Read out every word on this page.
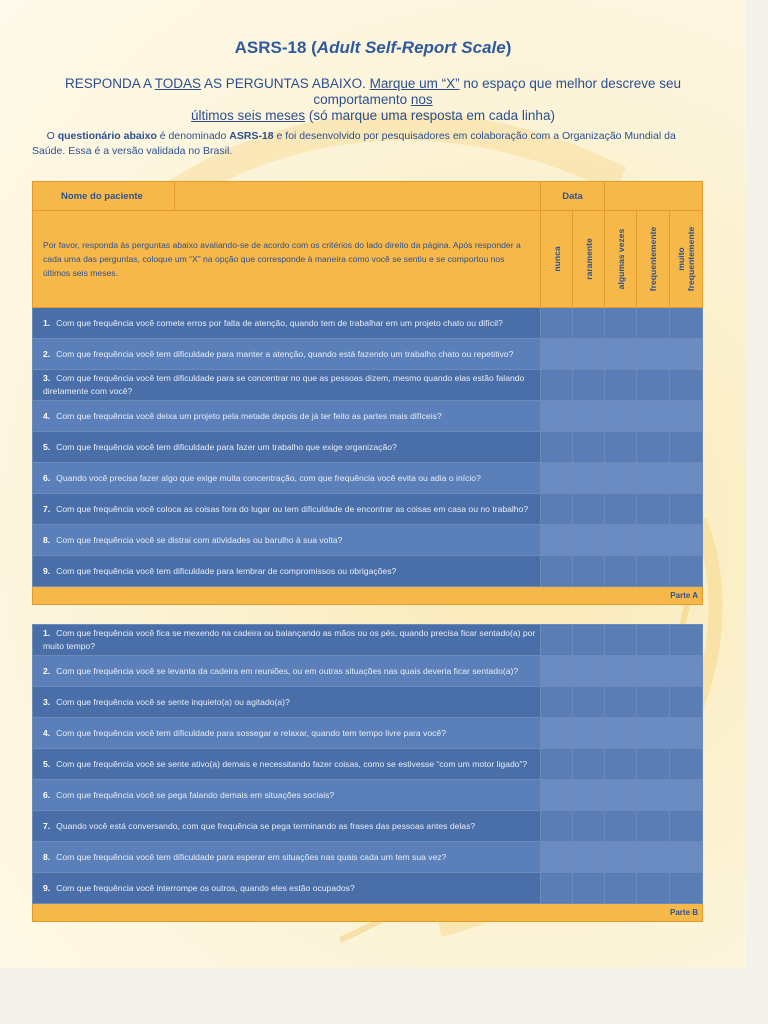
ASRS-18 (Adult Self-Report Scale)
RESPONDA A TODAS AS PERGUNTAS ABAIXO. Marque um “X” no espaço que melhor descreve seu comportamento nos
últimos seis meses (só marque uma resposta em cada linha)
O questionário abaixo é denominado ASRS-18 e foi desenvolvido por pesquisadores em colaboração com a Organização Mundial da Saúde. Essa é a versão validada no Brasil.
Nome do paciente		Data				
Por favor, responda às perguntas abaixo avaliando-se de acordo com os critérios do lado direito da página. Após responder a cada uma das perguntas, coloque um “X” na opção que corresponde à maneira como você se sentiu e se comportou nos últimos seis meses.		nunca	raramente	algumas vezes	frequentemente	muito frequentemente

1. Com que frequência você comete erros por falta de atenção, quando tem de trabalhar em um projeto chato ou difícil?						
2. Com que frequência você tem dificuldade para manter a atenção, quando está fazendo um trabalho chato ou repetitivo?						
3. Com que frequência você tem dificuldade para se concentrar no que as pessoas dizem, mesmo quando elas estão falando diretamente com você?						
4. Com que frequência você deixa um projeto pela metade depois de já ter feito as partes mais difíceis?						
5. Com que frequência você tem dificuldade para fazer um trabalho que exige organização?						
6. Quando você precisa fazer algo que exige muita concentração, com que frequência você evita ou adia o início?						
7. Com que frequência você coloca as coisas fora do lugar ou tem dificuldade de encontrar as coisas em casa ou no trabalho?						
8. Com que frequência você se distrai com atividades ou barulho à sua volta?						
9. Com que frequência você tem dificuldade para lembrar de compromissos ou obrigações?						
Parte A						
1. Com que frequência você fica se mexendo na cadeira ou balançando as mãos ou os pés, quando precisa ficar sentado(a) por muito tempo?					
2. Com que frequência você se levanta da cadeira em reuniões, ou em outras situações nas quais deveria ficar sentado(a)?					
3. Com que frequência você se sente inquieto(a) ou agitado(a)?					
4. Com que frequência você tem dificuldade para sossegar e relaxar, quando tem tempo livre para você?					
5. Com que frequência você se sente ativo(a) demais e necessitando fazer coisas, como se estivesse “com um motor ligado”?					
6. Com que frequência você se pega falando demais em situações sociais?					
7. Quando você está conversando, com que frequência se pega terminando as frases das pessoas antes delas?					
8. Com que frequência você tem dificuldade para esperar em situações nas quais cada um tem sua vez?					
9. Com que frequência você interrompe os outros, quando eles estão ocupados?					
Parte B					
